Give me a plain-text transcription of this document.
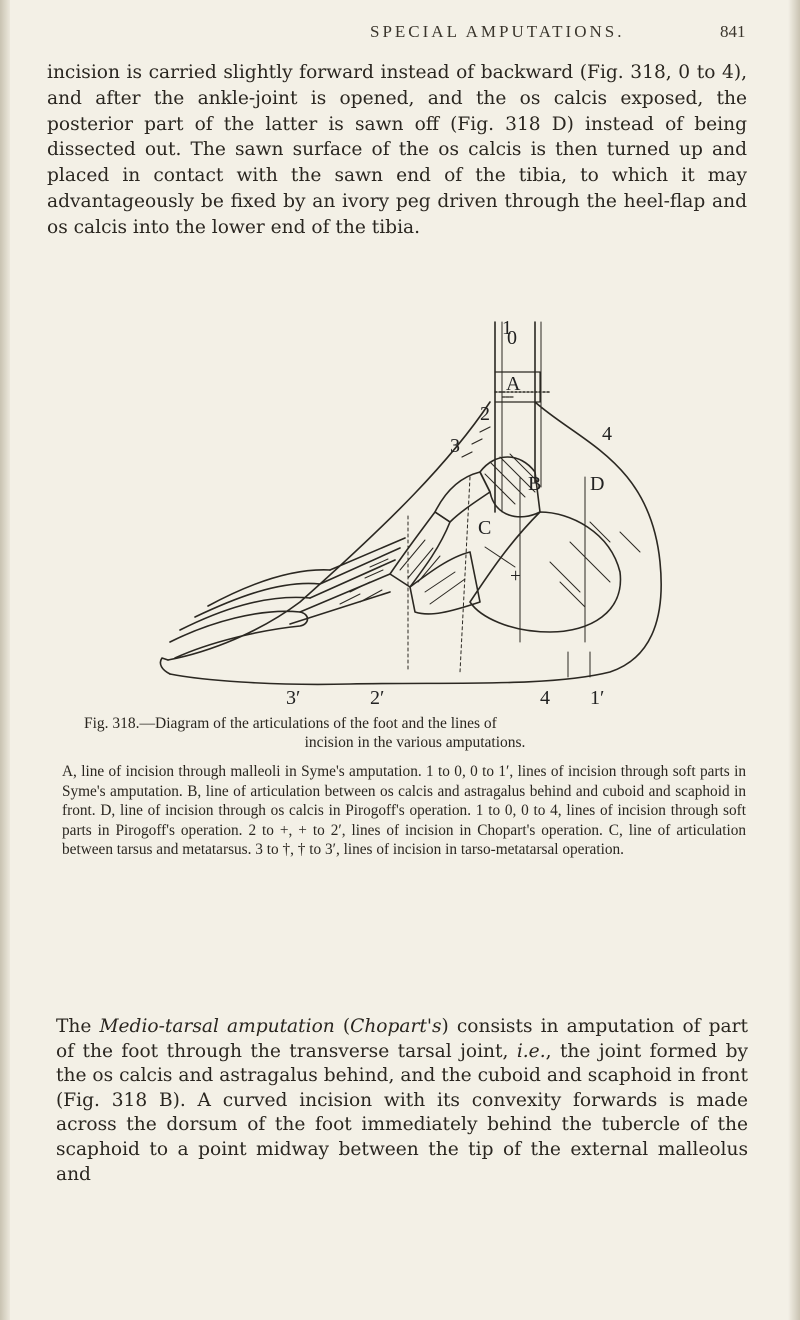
SPECIAL AMPUTATIONS.	841

incision is carried slightly forward instead of backward (Fig. 318, 0 to 4), and after the ankle-joint is opened, and the os calcis exposed, the posterior part of the latter is sawn off (Fig. 318 D) instead of being dissected out. The sawn surface of the os calcis is then turned up and placed in contact with the sawn end of the tibia, to which it may advantageously be fixed by an ivory peg driven through the heel-flap and os calcis into the lower end of the tibia.

1
0
A
2
3
4
B D
C
+
3′	2′	4 1′

Fig. 318.—Diagram of the articulations of the foot and the lines of
incision in the various amputations.

A, line of incision through malleoli in Syme's amputation. 1 to 0, 0 to 1′, lines of incision through soft parts in Syme's amputation. B, line of articulation between os calcis and astragalus behind and cuboid and scaphoid in front. D, line of incision through os calcis in Pirogoff's operation. 1 to 0, 0 to 4, lines of incision through soft parts in Pirogoff's operation. 2 to +, + to 2′, lines of incision in Chopart's operation. C, line of articulation between tarsus and metatarsus. 3 to †, † to 3′, lines of incision in tarso-metatarsal operation.

The Medio-tarsal amputation (Chopart's) consists in amputation of part of the foot through the transverse tarsal joint, i.e., the joint formed by the os calcis and astragalus behind, and the cuboid and scaphoid in front (Fig. 318 B). A curved incision with its convexity forwards is made across the dorsum of the foot immediately behind the tubercle of the scaphoid to a point midway between the tip of the external malleolus and
